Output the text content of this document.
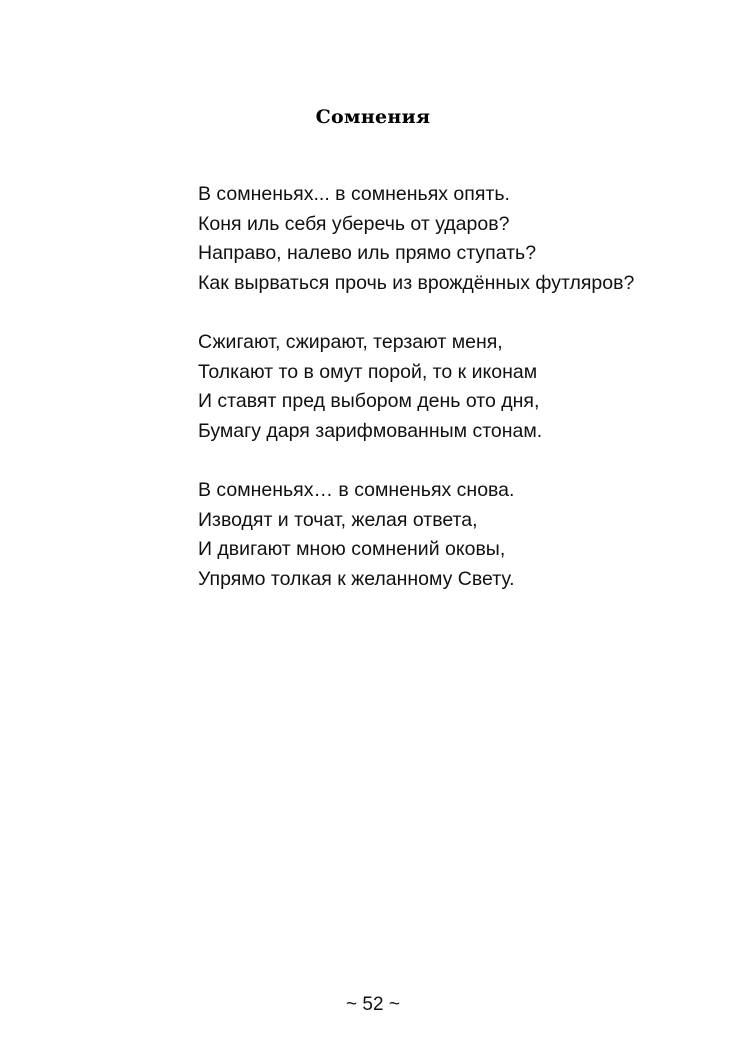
Сомнения
В сомненьях... в сомненьях опять.
Коня иль себя уберечь от ударов?
Направо, налево иль прямо ступать?
Как вырваться прочь из врождённых футляров?
Сжигают, сжирают, терзают меня,
Толкают то в омут порой, то к иконам
И ставят пред выбором день ото дня,
Бумагу даря зарифмованным стонам.
В сомненьях… в сомненьях снова.
Изводят и точат, желая ответа,
И двигают мною сомнений оковы,
Упрямо толкая к желанному Свету.
~ 52 ~
